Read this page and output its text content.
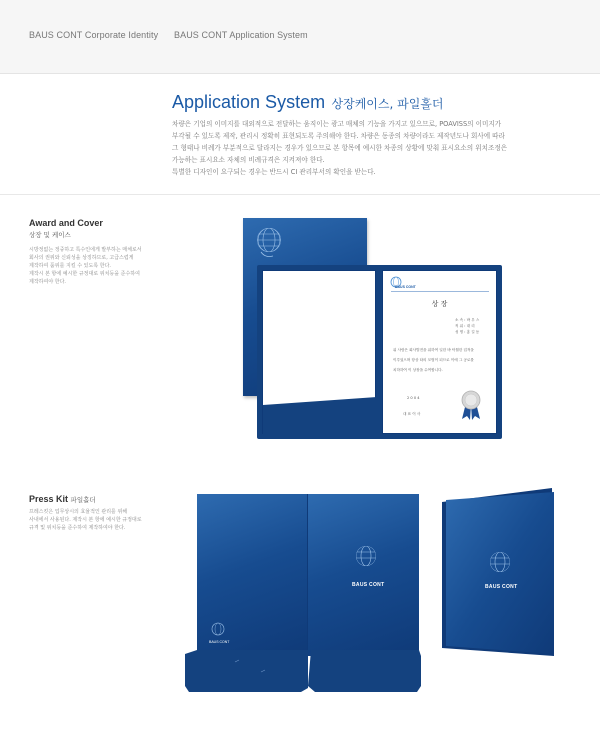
BAUS CONT Corporate Identity BAUS CONT Application System
Application System 상장케이스, 파일홀더

차량은 기업의 이미지를 대외적으로 전달하는 움직이는 광고 매체의 기능을 가지고 있으므로, POAVISS의 이미지가

부각될 수 있도록 제작, 관리시 정확히 표현되도록 주의해야 한다. 차량은 동종의 차량이라도 제작년도나 회사에 따라

그 형태나 비례가 부분적으로 달라지는 경우가 있으므로 본 항목에 예시한 차종의 상황에 맞춰 표시요소의 위치조정은

가능하는 표시요소 자체의 비례규격은 지켜져야 한다.

특별한 디자인이 요구되는 경우는 반드시 CI 관리부서의 확인을 받는다.

Award and Cover
상장 및 케이스
시방정없는 정중하고 특수인에게 발부하는 매체로서
회사의 권위와 신뢰성을 상징하므로, 고급스럽게
제작하여 품위를 지킬 수 있도록 한다.
제작시 본 항에 예시한 규정대로 위치등을 준수하여
제작하여야 한다.
BAUS CONT
상 장
소 속 : 바 우 스
직 위 : 대 리
성 명 : 홍 길 동
위 사람은 회사발전을 위하여 일한 바 탁월한 업적을
이루었으며 항상 타의 모범이 되므로 이에 그 공로를
치하하여 이 상장을 수여합니다.
2 0 0 4
대 표 이 사
Press Kit 파일홀더
프레스킷은 업무상시의 효율적인 관리를 위해
사내에서 사용된다. 제작시 본 항에 예시한 규정대로
규격 및 위치등을 준수하여 제작하여야 한다.
BAUS CONT
BAUS CONT	BAUS CONT
